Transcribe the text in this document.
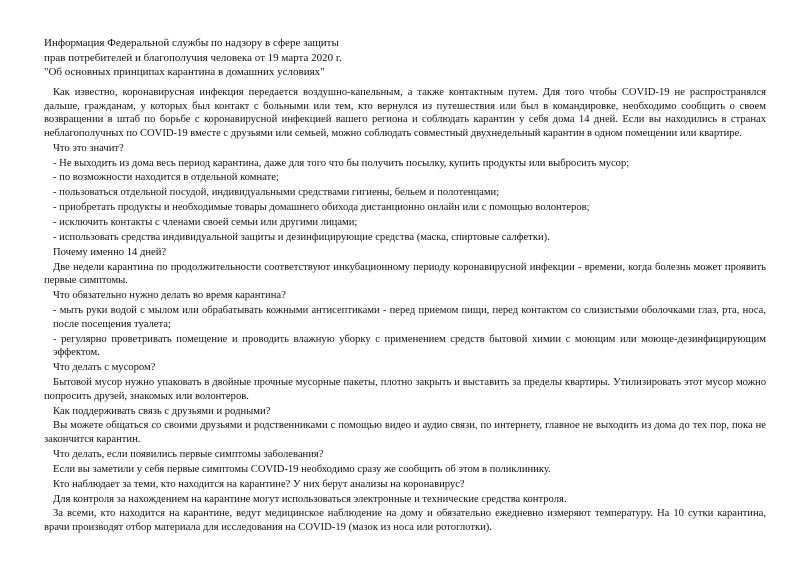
Информация Федеральной службы по надзору в сфере защиты
прав потребителей и благополучия человека от 19 марта 2020 г.
"Об основных принципах карантина в домашних условиях"

Как известно, коронавирусная инфекция передается воздушно-капельным, а также контактным путем. Для того чтобы COVID-19 не распространялся дальше, гражданам, у которых был контакт с больными или тем, кто вернулся из путешествия или был в командировке, необходимо сообщить о своем возвращении в штаб по борьбе с коронавирусной инфекцией вашего региона и соблюдать карантин у себя дома 14 дней. Если вы находились в странах неблагополучных по COVID-19 вместе с друзьями или семьей, можно соблюдать совместный двухнедельный карантин в одном помещении или квартире.

Что это значит?

- Не выходить из дома весь период карантина, даже для того что бы получить посылку, купить продукты или выбросить мусор;

- по возможности находится в отдельной комнате;

- пользоваться отдельной посудой, индивидуальными средствами гигиены, бельем и полотенцами;

- приобретать продукты и необходимые товары домашнего обихода дистанционно онлайн или с помощью волонтеров;

- исключить контакты с членами своей семьи или другими лицами;

- использовать средства индивидуальной защиты и дезинфицирующие средства (маска, спиртовые салфетки).

Почему именно 14 дней?

Две недели карантина по продолжительности соответствуют инкубационному периоду коронавирусной инфекции - времени, когда болезнь может проявить первые симптомы.

Что обязательно нужно делать во время карантина?

- мыть руки водой с мылом или обрабатывать кожными антисептиками - перед приемом пищи, перед контактом со слизистыми оболочками глаз, рта, носа, после посещения туалета;

- регулярно проветривать помещение и проводить влажную уборку с применением средств бытовой химии с моющим или моюще-дезинфицирующим эффектом.

Что делать с мусором?

Бытовой мусор нужно упаковать в двойные прочные мусорные пакеты, плотно закрыть и выставить за пределы квартиры. Утилизировать этот мусор можно попросить друзей, знакомых или волонтеров.

Как поддерживать связь с друзьями и родными?

Вы можете общаться со своими друзьями и родственниками с помощью видео и аудио связи, по интернету, главное не выходить из дома до тех пор, пока не закончится карантин.

Что делать, если появились первые симптомы заболевания?

Если вы заметили у себя первые симптомы COVID-19 необходимо сразу же сообщить об этом в поликлинику.

Кто наблюдает за теми, кто находится на карантине? У них берут анализы на коронавирус?

Для контроля за нахождением на карантине могут использоваться электронные и технические средства контроля.

За всеми, кто находится на карантине, ведут медицинское наблюдение на дому и обязательно ежедневно измеряют температуру. На 10 сутки карантина, врачи производят отбор материала для исследования на COVID-19 (мазок из носа или ротоглотки).
